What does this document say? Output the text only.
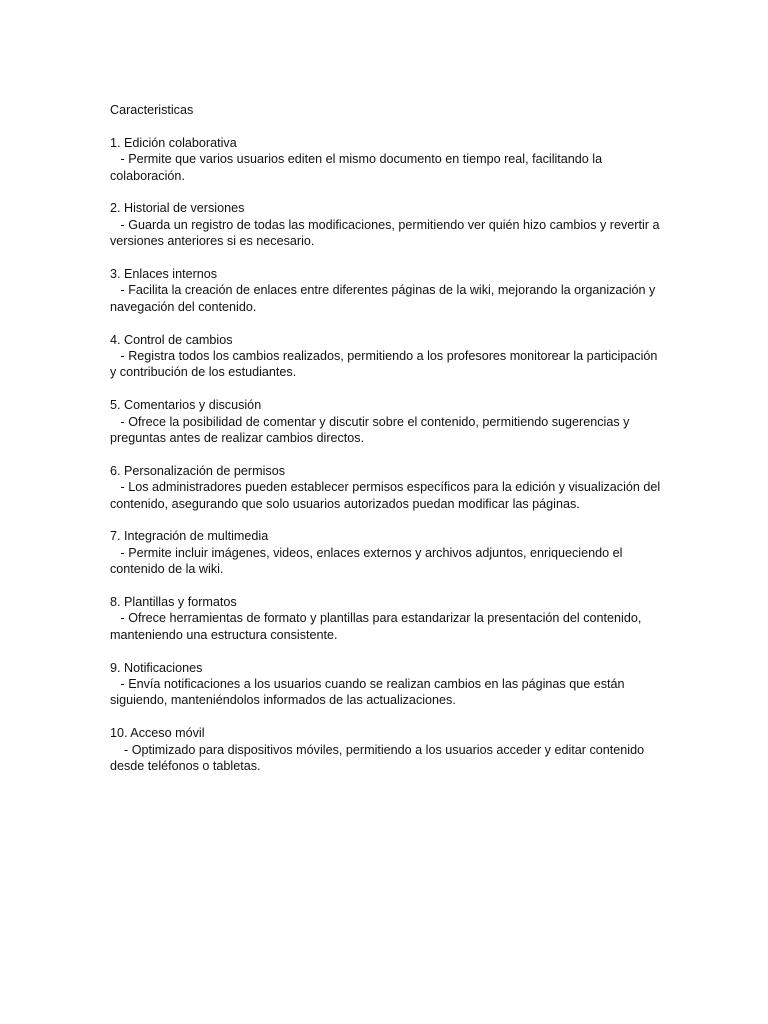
Caracteristicas

1. Edición colaborativa
- Permite que varios usuarios editen el mismo documento en tiempo real, facilitando la colaboración.
2. Historial de versiones
- Guarda un registro de todas las modificaciones, permitiendo ver quién hizo cambios y revertir a versiones anteriores si es necesario.
3. Enlaces internos
- Facilita la creación de enlaces entre diferentes páginas de la wiki, mejorando la organización y navegación del contenido.
4. Control de cambios
- Registra todos los cambios realizados, permitiendo a los profesores monitorear la participación y contribución de los estudiantes.
5. Comentarios y discusión
- Ofrece la posibilidad de comentar y discutir sobre el contenido, permitiendo sugerencias y preguntas antes de realizar cambios directos.
6. Personalización de permisos
- Los administradores pueden establecer permisos específicos para la edición y visualización del contenido, asegurando que solo usuarios autorizados puedan modificar las páginas.
7. Integración de multimedia
- Permite incluir imágenes, videos, enlaces externos y archivos adjuntos, enriqueciendo el contenido de la wiki.
8. Plantillas y formatos
- Ofrece herramientas de formato y plantillas para estandarizar la presentación del contenido, manteniendo una estructura consistente.
9. Notificaciones
- Envía notificaciones a los usuarios cuando se realizan cambios en las páginas que están siguiendo, manteniéndolos informados de las actualizaciones.
10. Acceso móvil
- Optimizado para dispositivos móviles, permitiendo a los usuarios acceder y editar contenido desde teléfonos o tabletas.
